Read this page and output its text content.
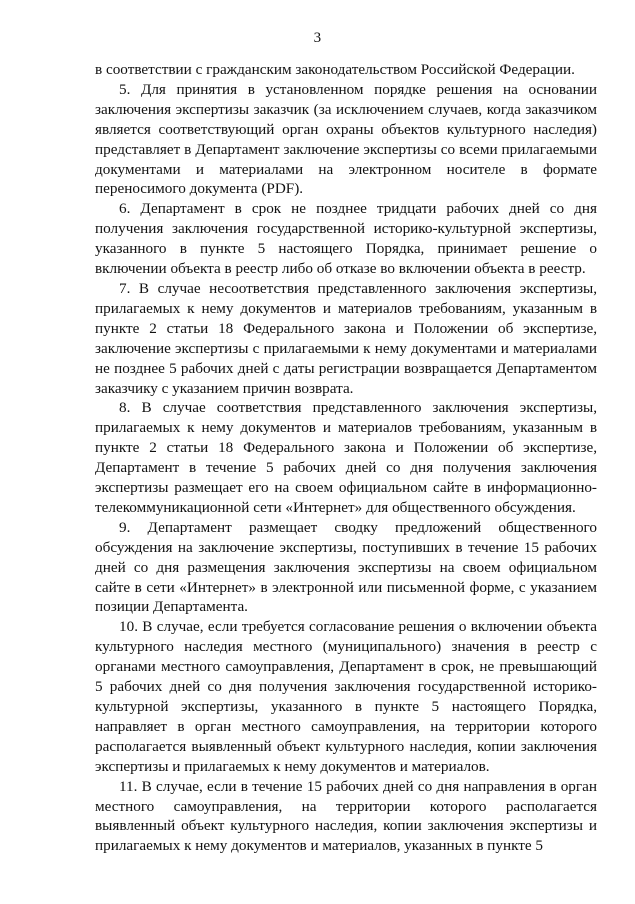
3

в соответствии с гражданским законодательством Российской Федерации.

5. Для принятия в установленном порядке решения на основании заключения экспертизы заказчик (за исключением случаев, когда заказчиком является соответствующий орган охраны объектов культурного наследия) представляет в Департамент заключение экспертизы со всеми прилагаемыми документами и материалами на электронном носителе в формате переносимого документа (PDF).

6. Департамент в срок не позднее тридцати рабочих дней со дня получения заключения государственной историко-культурной экспертизы, указанного в пункте 5 настоящего Порядка, принимает решение о включении объекта в реестр либо об отказе во включении объекта в реестр.

7. В случае несоответствия представленного заключения экспертизы, прилагаемых к нему документов и материалов требованиям, указанным в пункте 2 статьи 18 Федерального закона и Положении об экспертизе, заключение экспертизы с прилагаемыми к нему документами и материалами не позднее 5 рабочих дней с даты регистрации возвращается Департаментом заказчику с указанием причин возврата.

8. В случае соответствия представленного заключения экспертизы, прилагаемых к нему документов и материалов требованиям, указанным в пункте 2 статьи 18 Федерального закона и Положении об экспертизе, Департамент в течение 5 рабочих дней со дня получения заключения экспертизы размещает его на своем официальном сайте в информационно-телекоммуникационной сети «Интернет» для общественного обсуждения.

9. Департамент размещает сводку предложений общественного обсуждения на заключение экспертизы, поступивших в течение 15 рабочих дней со дня размещения заключения экспертизы на своем официальном сайте в сети «Интернет» в электронной или письменной форме, с указанием позиции Департамента.

10. В случае, если требуется согласование решения о включении объекта культурного наследия местного (муниципального) значения в реестр с органами местного самоуправления, Департамент в срок, не превышающий 5 рабочих дней со дня получения заключения государственной историко-культурной экспертизы, указанного в пункте 5 настоящего Порядка, направляет в орган местного самоуправления, на территории которого располагается выявленный объект культурного наследия, копии заключения экспертизы и прилагаемых к нему документов и материалов.

11. В случае, если в течение 15 рабочих дней со дня направления в орган местного самоуправления, на территории которого располагается выявленный объект культурного наследия, копии заключения экспертизы и прилагаемых к нему документов и материалов, указанных в пункте 5
